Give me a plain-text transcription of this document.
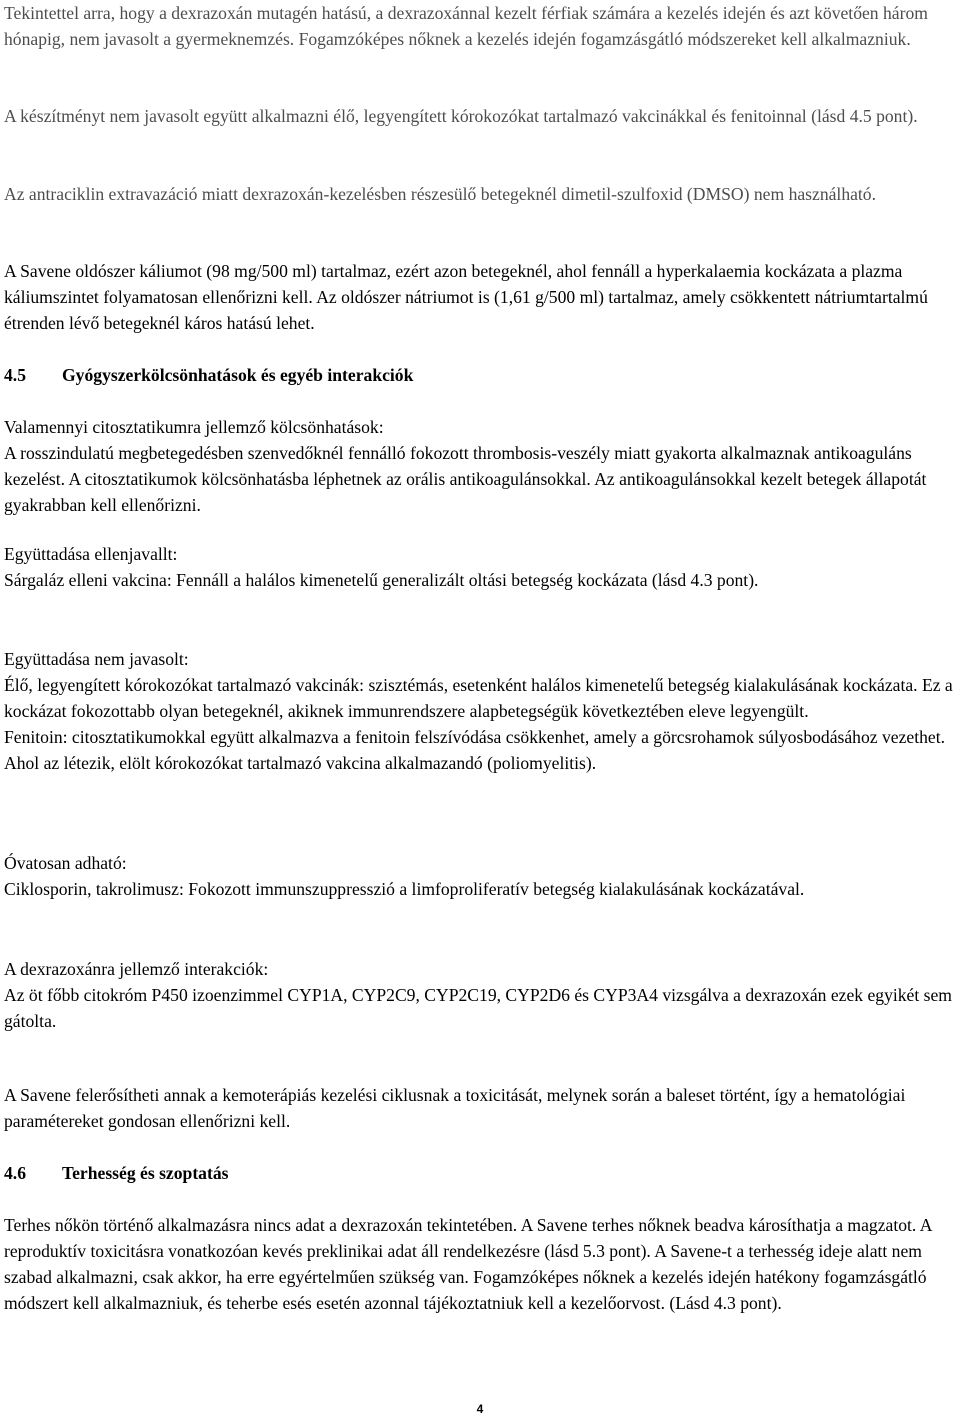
Tekintettel arra, hogy a dexrazoxán mutagén hatású, a dexrazoxánnal kezelt férfiak számára a kezelés idején és azt követően három hónapig, nem javasolt a gyermeknemzés. Fogamzóképes nőknek a kezelés idején fogamzásgátló módszereket kell alkalmazniuk.

A készítményt nem javasolt együtt alkalmazni élő, legyengített kórokozókat tartalmazó vakcinákkal és fenitoinnal (lásd 4.5 pont).

Az antraciklin extravazáció miatt dexrazoxán-kezelésben részesülő betegeknél dimetil-szulfoxid (DMSO) nem használható.

A Savene oldószer káliumot (98 mg/500 ml) tartalmaz, ezért azon betegeknél, ahol fennáll a hyperkalaemia kockázata a plazma káliumszintet folyamatosan ellenőrizni kell. Az oldószer nátriumot is (1,61 g/500 ml) tartalmaz, amely csökkentett nátriumtartalmú étrenden lévő betegeknél káros hatású lehet.

4.5	Gyógyszerkölcsönhatások és egyéb interakciók

Valamennyi citosztatikumra jellemző kölcsönhatások:

A rosszindulatú megbetegedésben szenvedőknél fennálló fokozott thrombosis-veszély miatt gyakorta alkalmaznak antikoaguláns kezelést. A citosztatikumok kölcsönhatásba léphetnek az orális antikoagulánsokkal. Az antikoagulánsokkal kezelt betegek állapotát gyakrabban kell ellenőrizni.

Együttadása ellenjavallt:

Sárgaláz elleni vakcina: Fennáll a halálos kimenetelű generalizált oltási betegség kockázata (lásd 4.3 pont).

Együttadása nem javasolt:

Élő, legyengített kórokozókat tartalmazó vakcinák: szisztémás, esetenként halálos kimenetelű betegség kialakulásának kockázata. Ez a kockázat fokozottabb olyan betegeknél, akiknek immunrendszere alapbetegségük következtében eleve legyengült.

Fenitoin: citosztatikumokkal együtt alkalmazva a fenitoin felszívódása csökkenhet, amely a görcsrohamok súlyosbodásához vezethet.

Ahol az létezik, elölt kórokozókat tartalmazó vakcina alkalmazandó (poliomyelitis).

Óvatosan adható:

Ciklosporin, takrolimusz: Fokozott immunszuppresszió a limfoproliferatív betegség kialakulásának kockázatával.

A dexrazoxánra jellemző interakciók:

Az öt főbb citokróm P450 izoenzimmel CYP1A, CYP2C9, CYP2C19, CYP2D6 és CYP3A4 vizsgálva a dexrazoxán ezek egyikét sem gátolta.

A Savene felerősítheti annak a kemoterápiás kezelési ciklusnak a toxicitását, melynek során a baleset történt, így a hematológiai paramétereket gondosan ellenőrizni kell.

4.6	Terhesség és szoptatás

Terhes nőkön történő alkalmazásra nincs adat a dexrazoxán tekintetében. A Savene terhes nőknek beadva károsíthatja a magzatot. A reproduktív toxicitásra vonatkozóan kevés preklinikai adat áll rendelkezésre (lásd 5.3 pont). A Savene-t a terhesség ideje alatt nem szabad alkalmazni, csak akkor, ha erre egyértelműen szükség van. Fogamzóképes nőknek a kezelés idején hatékony fogamzásgátló módszert kell alkalmazniuk, és teherbe esés esetén azonnal tájékoztatniuk kell a kezelőorvost. (Lásd 4.3 pont).

4
